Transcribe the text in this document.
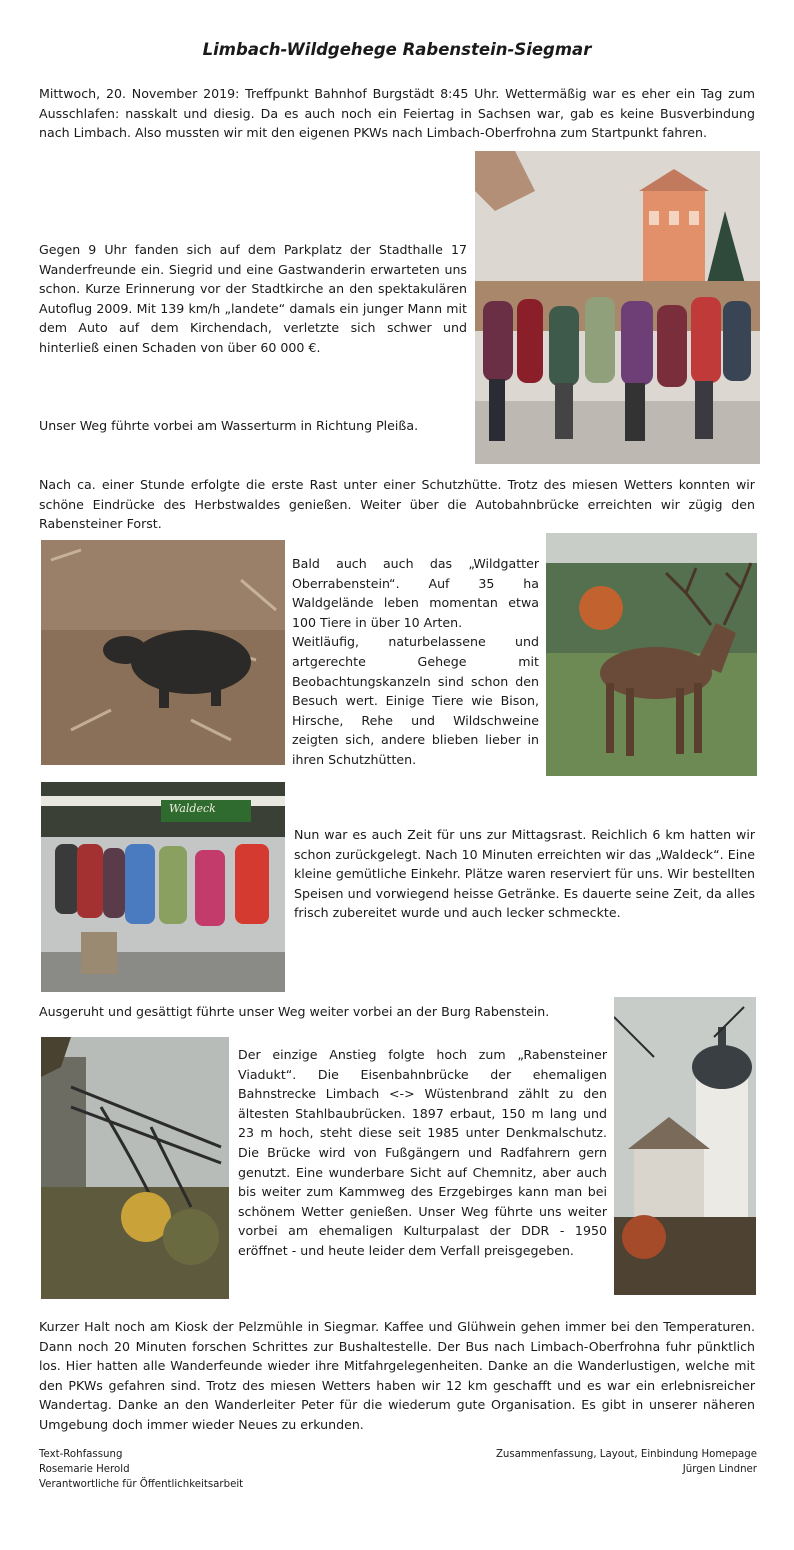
Limbach-Wildgehege Rabenstein-Siegmar

Mittwoch, 20. November 2019: Treffpunkt Bahnhof Burgstädt 8:45 Uhr. Wettermäßig war es eher ein Tag zum Ausschlafen: nasskalt und diesig. Da es auch noch ein Feiertag in Sachsen war, gab es keine Busverbindung nach Limbach. Also mussten wir mit den eigenen PKWs nach Limbach-Oberfrohna zum Startpunkt fahren.

Gegen 9 Uhr fanden sich auf dem Parkplatz der Stadthalle 17 Wanderfreunde ein. Siegrid und eine Gastwanderin erwarteten uns schon. Kurze Erinnerung vor der Stadtkirche an den spektakulären Autoflug 2009. Mit 139 km/h „landete“ damals ein junger Mann mit dem Auto auf dem Kirchendach, verletzte sich schwer und hinterließ einen Schaden von über 60 000 €.

Unser Weg führte vorbei am Wasserturm in Richtung Pleißa.

Nach ca. einer Stunde erfolgte die erste Rast unter einer Schutzhütte. Trotz des miesen Wetters konnten wir schöne Eindrücke des Herbstwaldes genießen. Weiter über die Autobahnbrücke erreichten wir zügig den Rabensteiner Forst.

Bald auch auch das „Wildgatter Oberrabenstein“. Auf 35 ha Waldgelände leben momentan etwa 100 Tiere in über 10 Arten.
Weitläufig, naturbelassene und artgerechte Gehege mit Beobachtungskanzeln sind schon den Besuch wert. Einige Tiere wie Bison, Hirsche, Rehe und Wildschweine zeigten sich, andere blieben lieber in ihren Schutzhütten.

Waldeck

Nun war es auch Zeit für uns zur Mittagsrast. Reichlich 6 km hatten wir schon zurückgelegt. Nach 10 Minuten erreichten wir das „Waldeck“. Eine kleine gemütliche Einkehr. Plätze waren reserviert für uns. Wir bestellten Speisen und vorwiegend heisse Getränke. Es dauerte seine Zeit, da alles frisch zubereitet wurde und auch lecker schmeckte.

Ausgeruht und gesättigt führte unser Weg weiter vorbei an der Burg Rabenstein.

Der einzige Anstieg folgte hoch zum „Rabensteiner Viadukt“. Die Eisenbahnbrücke der ehemaligen Bahnstrecke Limbach <-> Wüstenbrand zählt zu den ältesten Stahlbaubrücken. 1897 erbaut, 150 m lang und 23 m hoch, steht diese seit 1985 unter Denkmalschutz. Die Brücke wird von Fußgängern und Radfahrern gern genutzt. Eine wunderbare Sicht auf Chemnitz, aber auch bis weiter zum Kammweg des Erzgebirges kann man bei schönem Wetter genießen. Unser Weg führte uns weiter vorbei am ehemaligen Kulturpalast der DDR - 1950 eröffnet - und heute leider dem Verfall preisgegeben.

Kurzer Halt noch am Kiosk der Pelzmühle in Siegmar. Kaffee und Glühwein gehen immer bei den Temperaturen. Dann noch 20 Minuten forschen Schrittes zur Bushaltestelle. Der Bus nach Limbach-Oberfrohna fuhr pünktlich los. Hier hatten alle Wanderfeunde wieder ihre Mitfahrgelegenheiten. Danke an die Wanderlustigen, welche mit den PKWs gefahren sind. Trotz des miesen Wetters haben wir 12 km geschafft und es war ein erlebnisreicher Wandertag. Danke an den Wanderleiter Peter für die wiederum gute Organisation. Es gibt in unserer näheren Umgebung doch immer wieder Neues zu erkunden.

Text-Rohfassung
Rosemarie Herold
Verantwortliche für Öffentlichkeitsarbeit
Zusammenfassung, Layout, Einbindung Homepage
Jürgen Lindner
